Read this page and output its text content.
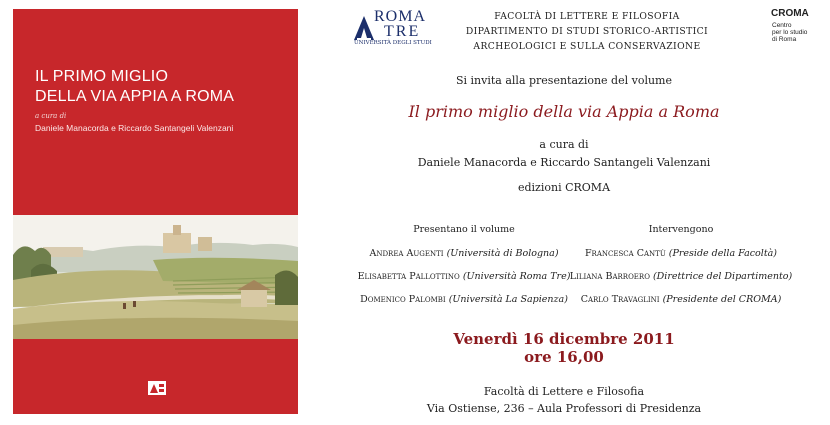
IL PRIMO MIGLIO
DELLA VIA APPIA A ROMA
a cura di
Daniele Manacorda e Riccardo Santangeli Valenzani
ROMA
TRE
UNIVERSITÀ DEGLI STUDI
FACOLTÀ DI LETTERE E FILOSOFIA
DIPARTIMENTO DI STUDI STORICO-ARTISTICI
ARCHEOLOGICI E SULLA CONSERVAZIONE
CROMA
Centro
per lo studio
di Roma
Si invita alla presentazione del volume
Il primo miglio della via Appia a Roma
a cura di
Daniele Manacorda e Riccardo Santangeli Valenzani
edizioni CROMA
Presentano il volume
Andrea Augenti (Università di Bologna)
Elisabetta Pallottino (Università Roma Tre)
Domenico Palombi (Università La Sapienza)
Intervengono
Francesca Cantù (Preside della Facoltà)
Liliana Barroero (Direttrice del Dipartimento)
Carlo Travaglini (Presidente del CROMA)
Venerdì 16 dicembre 2011
ore 16,00
Facoltà di Lettere e Filosofia
Via Ostiense, 236 – Aula Professori di Presidenza
